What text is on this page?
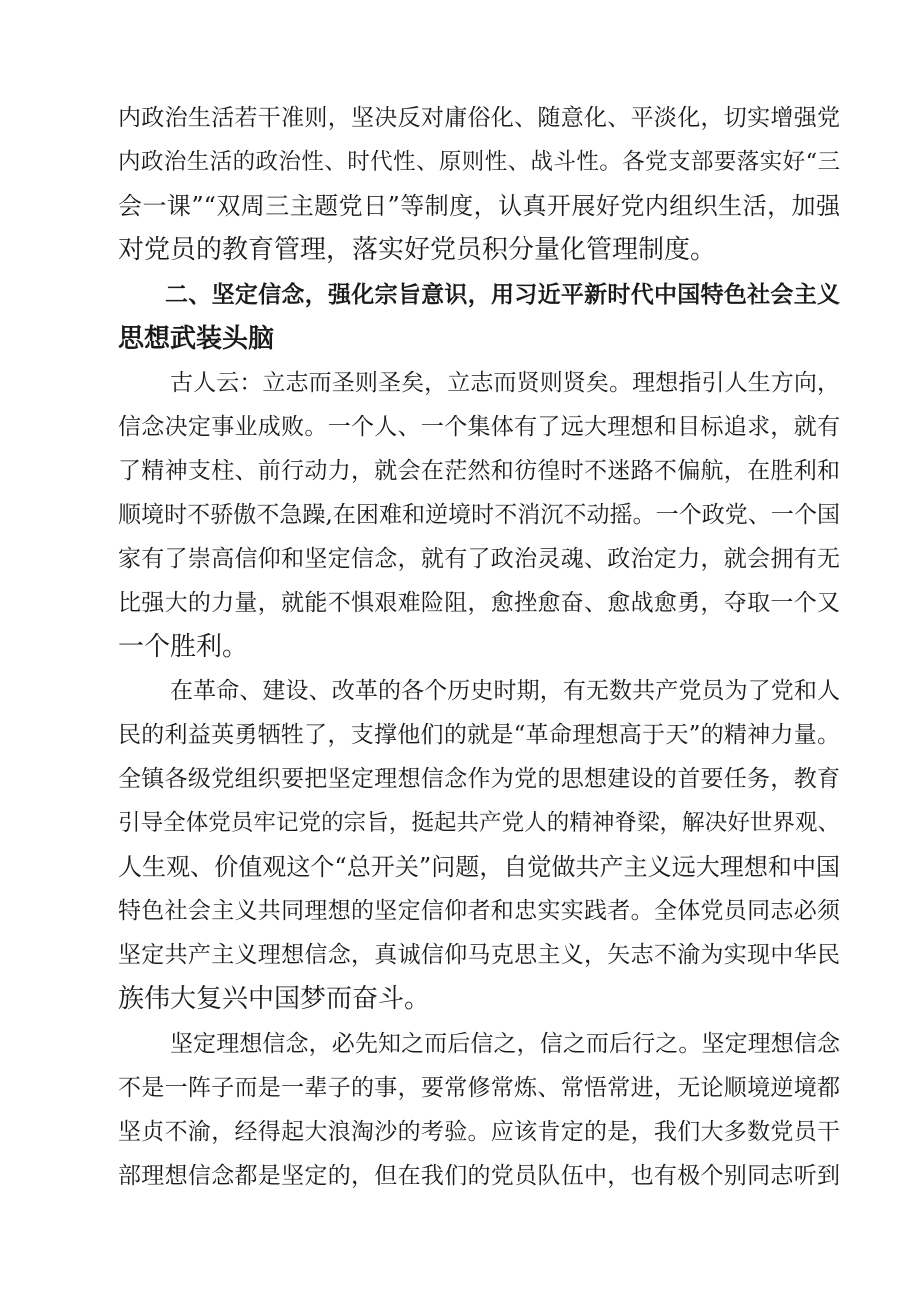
内政治生活若干准则，坚决反对庸俗化、随意化、平淡化，切实增强党
内政治生活的政治性、时代性、原则性、战斗性。各党支部要落实好“三
会一课”“双周三主题党日”等制度，认真开展好党内组织生活，加强
对党员的教育管理，落实好党员积分量化管理制度。
二、坚定信念，强化宗旨意识，用习近平新时代中国特色社会主义
思想武装头脑
古人云：立志而圣则圣矣，立志而贤则贤矣。理想指引人生方向，
信念决定事业成败。一个人、一个集体有了远大理想和目标追求，就有
了精神支柱、前行动力，就会在茫然和彷徨时不迷路不偏航，在胜利和
顺境时不骄傲不急躁,在困难和逆境时不消沉不动摇。一个政党、一个国
家有了崇高信仰和坚定信念，就有了政治灵魂、政治定力，就会拥有无
比强大的力量，就能不惧艰难险阻，愈挫愈奋、愈战愈勇，夺取一个又
一个胜利。
在革命、建设、改革的各个历史时期，有无数共产党员为了党和人
民的利益英勇牺牲了，支撑他们的就是“革命理想高于天”的精神力量。
全镇各级党组织要把坚定理想信念作为党的思想建设的首要任务，教育
引导全体党员牢记党的宗旨，挺起共产党人的精神脊梁，解决好世界观、
人生观、价值观这个“总开关”问题，自觉做共产主义远大理想和中国
特色社会主义共同理想的坚定信仰者和忠实实践者。全体党员同志必须
坚定共产主义理想信念，真诚信仰马克思主义，矢志不渝为实现中华民
族伟大复兴中国梦而奋斗。
坚定理想信念，必先知之而后信之，信之而后行之。坚定理想信念
不是一阵子而是一辈子的事，要常修常炼、常悟常进，无论顺境逆境都
坚贞不渝，经得起大浪淘沙的考验。应该肯定的是，我们大多数党员干
部理想信念都是坚定的，但在我们的党员队伍中，也有极个别同志听到
